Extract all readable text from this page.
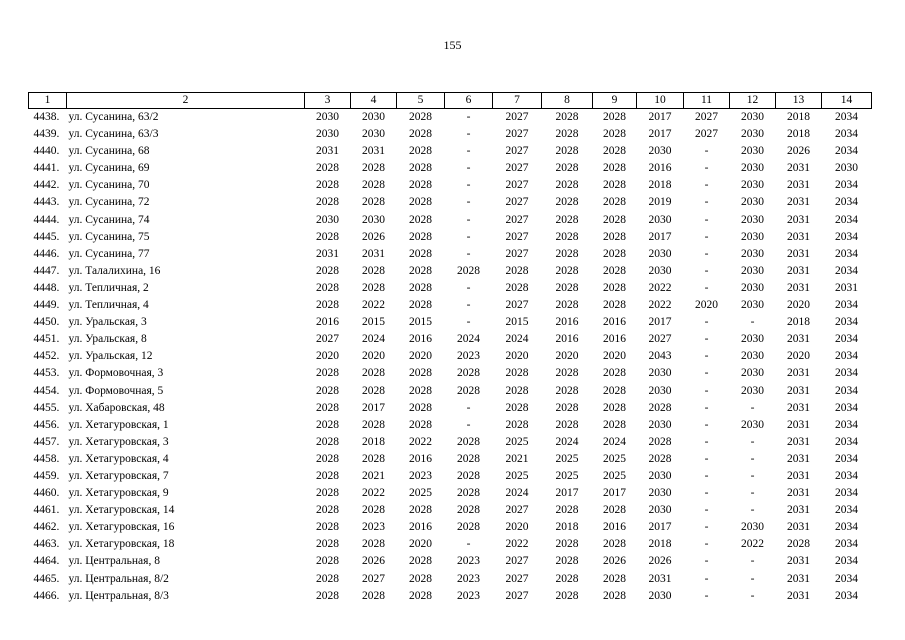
155
1	2	3	4	5	6	7	8	9	10	11	12	13	14
4438.	ул. Сусанина, 63/2	2030	2030	2028	-	2027	2028	2028	2017	2027	2030	2018	2034
4439.	ул. Сусанина, 63/3	2030	2030	2028	-	2027	2028	2028	2017	2027	2030	2018	2034
4440.	ул. Сусанина, 68	2031	2031	2028	-	2027	2028	2028	2030	-	2030	2026	2034
4441.	ул. Сусанина, 69	2028	2028	2028	-	2027	2028	2028	2016	-	2030	2031	2030
4442.	ул. Сусанина, 70	2028	2028	2028	-	2027	2028	2028	2018	-	2030	2031	2034
4443.	ул. Сусанина, 72	2028	2028	2028	-	2027	2028	2028	2019	-	2030	2031	2034
4444.	ул. Сусанина, 74	2030	2030	2028	-	2027	2028	2028	2030	-	2030	2031	2034
4445.	ул. Сусанина, 75	2028	2026	2028	-	2027	2028	2028	2017	-	2030	2031	2034
4446.	ул. Сусанина, 77	2031	2031	2028	-	2027	2028	2028	2030	-	2030	2031	2034
4447.	ул. Талалихина, 16	2028	2028	2028	2028	2028	2028	2028	2030	-	2030	2031	2034
4448.	ул. Тепличная, 2	2028	2028	2028	-	2028	2028	2028	2022	-	2030	2031	2031
4449.	ул. Тепличная, 4	2028	2022	2028	-	2027	2028	2028	2022	2020	2030	2020	2034
4450.	ул. Уральская, 3	2016	2015	2015	-	2015	2016	2016	2017	-	-	2018	2034
4451.	ул. Уральская, 8	2027	2024	2016	2024	2024	2016	2016	2027	-	2030	2031	2034
4452.	ул. Уральская, 12	2020	2020	2020	2023	2020	2020	2020	2043	-	2030	2020	2034
4453.	ул. Формовочная, 3	2028	2028	2028	2028	2028	2028	2028	2030	-	2030	2031	2034
4454.	ул. Формовочная, 5	2028	2028	2028	2028	2028	2028	2028	2030	-	2030	2031	2034
4455.	ул. Хабаровская, 48	2028	2017	2028	-	2028	2028	2028	2028	-	-	2031	2034
4456.	ул. Хетагуровская, 1	2028	2028	2028	-	2028	2028	2028	2030	-	2030	2031	2034
4457.	ул. Хетагуровская, 3	2028	2018	2022	2028	2025	2024	2024	2028	-	-	2031	2034
4458.	ул. Хетагуровская, 4	2028	2028	2016	2028	2021	2025	2025	2028	-	-	2031	2034
4459.	ул. Хетагуровская, 7	2028	2021	2023	2028	2025	2025	2025	2030	-	-	2031	2034
4460.	ул. Хетагуровская, 9	2028	2022	2025	2028	2024	2017	2017	2030	-	-	2031	2034
4461.	ул. Хетагуровская, 14	2028	2028	2028	2028	2027	2028	2028	2030	-	-	2031	2034
4462.	ул. Хетагуровская, 16	2028	2023	2016	2028	2020	2018	2016	2017	-	2030	2031	2034
4463.	ул. Хетагуровская, 18	2028	2028	2020	-	2022	2028	2028	2018	-	2022	2028	2034
4464.	ул. Центральная, 8	2028	2026	2028	2023	2027	2028	2026	2026	-	-	2031	2034
4465.	ул. Центральная, 8/2	2028	2027	2028	2023	2027	2028	2028	2031	-	-	2031	2034
4466.	ул. Центральная, 8/3	2028	2028	2028	2023	2027	2028	2028	2030	-	-	2031	2034
